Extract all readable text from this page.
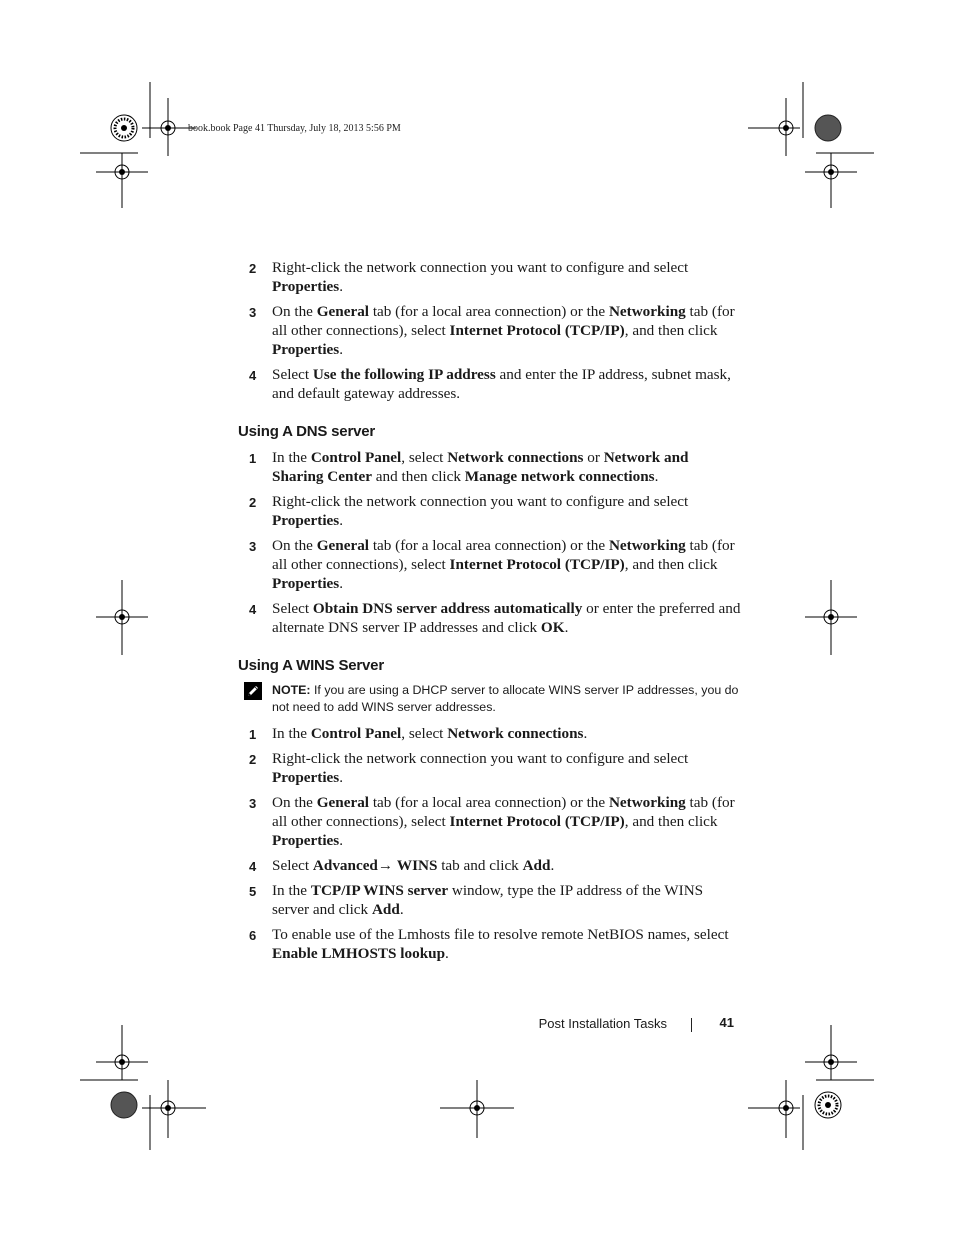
book.book Page 41 Thursday, July 18, 2013 5:56 PM
2 Right-click the network connection you want to configure and select Properties.
3 On the General tab (for a local area connection) or the Networking tab (for all other connections), select Internet Protocol (TCP/IP), and then click Properties.
4 Select Use the following IP address and enter the IP address, subnet mask, and default gateway addresses.
Using A DNS server
1 In the Control Panel, select Network connections or Network and Sharing Center and then click Manage network connections.
2 Right-click the network connection you want to configure and select Properties.
3 On the General tab (for a local area connection) or the Networking tab (for all other connections), select Internet Protocol (TCP/IP), and then click Properties.
4 Select Obtain DNS server address automatically or enter the preferred and alternate DNS server IP addresses and click OK.
Using A WINS Server
NOTE: If you are using a DHCP server to allocate WINS server IP addresses, you do not need to add WINS server addresses.
1 In the Control Panel, select Network connections.
2 Right-click the network connection you want to configure and select Properties.
3 On the General tab (for a local area connection) or the Networking tab (for all other connections), select Internet Protocol (TCP/IP), and then click Properties.
4 Select Advanced→ WINS tab and click Add.
5 In the TCP/IP WINS server window, type the IP address of the WINS server and click Add.
6 To enable use of the Lmhosts file to resolve remote NetBIOS names, select Enable LMHOSTS lookup.
Post Installation Tasks	41
